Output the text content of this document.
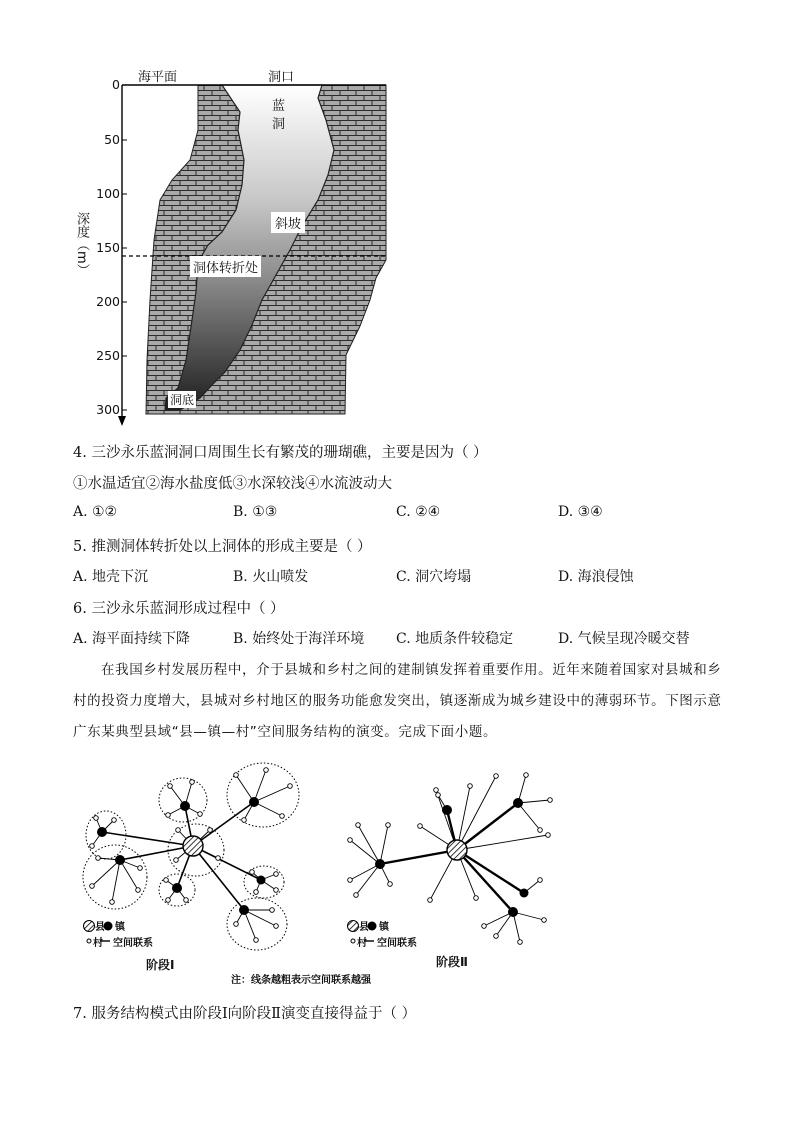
海平面	洞口
0
50
100
150
200
250
300
深度（m）
蓝
洞
斜坡
洞体转折处
洞底
4. 三沙永乐蓝洞洞口周围生长有繁茂的珊瑚礁，主要是因为（ ）
①水温适宜②海水盐度低③水深较浅④水流波动大
A. ①②	B. ①③	C. ②④	D. ③④
5. 推测洞体转折处以上洞体的形成主要是（ ）
A. 地壳下沉	B. 火山喷发	C. 洞穴垮塌	D. 海浪侵蚀
6. 三沙永乐蓝洞形成过程中（ ）
A. 海平面持续下降	B. 始终处于海洋环境 C. 地质条件较稳定	D. 气候呈现冷暖交替
在我国乡村发展历程中，介于县城和乡村之间的建制镇发挥着重要作用。近年来随着国家对县城和乡
村的投资力度增大，县城对乡村地区的服务功能愈发突出，镇逐渐成为城乡建设中的薄弱环节。下图示意
广东某典型县域“县—镇—村”空间服务结构的演变。完成下面小题。
县 镇
村 空间联系
县 镇
村 空间联系
阶段Ⅰ	阶段Ⅱ
注：线条越粗表示空间联系越强
7. 服务结构模式由阶段Ⅰ向阶段Ⅱ演变直接得益于（ ）
